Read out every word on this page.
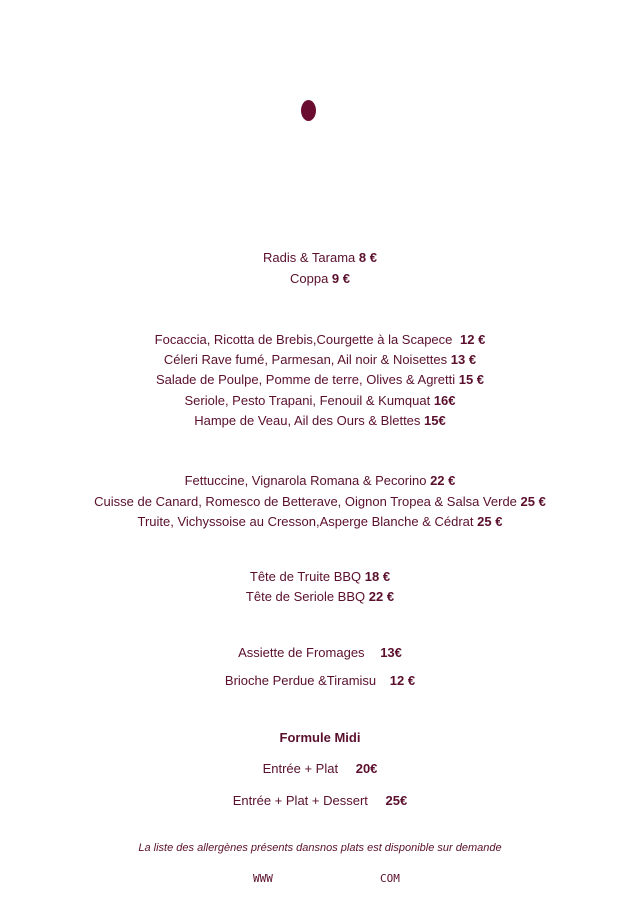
Radis & Tarama 8 €
Coppa 9 €
Focaccia, Ricotta de Brebis,Courgette à la Scapece 12 €
Céleri Rave fumé, Parmesan, Ail noir & Noisettes 13 €
Salade de Poulpe, Pomme de terre, Olives & Agretti 15 €
Seriole, Pesto Trapani, Fenouil & Kumquat 16€
Hampe de Veau, Ail des Ours & Blettes 15€
Fettuccine, Vignarola Romana & Pecorino 22 €
Cuisse de Canard, Romesco de Betterave, Oignon Tropea & Salsa Verde 25 €
Truite, Vichyssoise au Cresson,Asperge Blanche & Cédrat 25 €
Tête de Truite BBQ 18 €
Tête de Seriole BBQ 22 €
Assiette de Fromages 13€
Brioche Perdue &Tiramisu 12 €
Formule Midi
Entrée + Plat 20€
Entrée + Plat + Dessert 25€
La liste des allergènes présents dansnos plats est disponible sur demande
WWW	COM
